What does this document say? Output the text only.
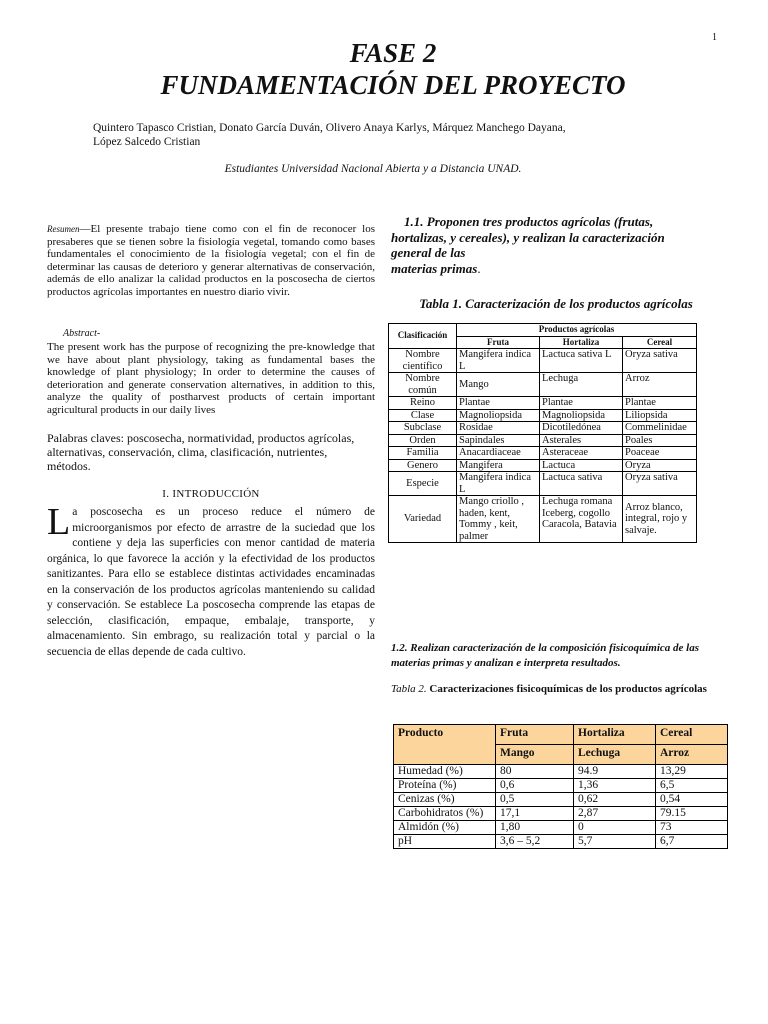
1
FASE 2
FUNDAMENTACIÓN DEL PROYECTO
Quintero Tapasco Cristian, Donato García Duván, Olivero Anaya Karlys, Márquez Manchego Dayana,
López Salcedo Cristian
Estudiantes Universidad Nacional Abierta y a Distancia UNAD.
Resumen—El presente trabajo tiene como con el fin de reconocer los presaberes que se tienen sobre la fisiología vegetal, tomando como bases fundamentales el conocimiento de la fisiología vegetal; con el fin de determinar las causas de deterioro y generar alternativas de conservación, además de ello analizar la calidad productos en la poscosecha de ciertos productos agrícolas importantes en nuestro diario vivir.
Abstract-
The present work has the purpose of recognizing the pre-knowledge that we have about plant physiology, taking as fundamental bases the knowledge of plant physiology; In order to determine the causes of deterioration and generate conservation alternatives, in addition to this, analyze the quality of postharvest products of certain important agricultural products in our daily lives
Palabras claves: poscosecha, normatividad, productos agrícolas, alternativas, conservación, clima, clasificación, nutrientes, métodos.
I. INTRODUCCIÓN
La poscosecha es un proceso reduce el número de microorganismos por efecto de arrastre de la suciedad que los contiene y deja las superficies con menor cantidad de materia orgánica, lo que favorece la acción y la efectividad de los productos sanitizantes. Para ello se establece distintas actividades encaminadas en la conservación de los productos agrícolas manteniendo su calidad y conservación. Se establece La poscosecha comprende las etapas de selección, clasificación, empaque, embalaje, transporte, y almacenamiento. Sin embrago, su realización total y parcial o la secuencia de ellas depende de cada cultivo.
1.1. Proponen tres productos agrícolas (frutas,
hortalizas, y cereales), y realizan la caracterización
general de las
materias primas.
Tabla 1. Caracterización de los productos agrícolas
Clasificación	Productos agrícolas		
	Fruta	Hortaliza	Cereal
Nombre científico	Mangifera indica L	Lactuca sativa L	Oryza sativa
Nombre común	Mango	Lechuga	Arroz
Reino	Plantae	Plantae	Plantae
Clase	Magnoliopsida	Magnoliopsida	Liliopsida
Subclase	Rosidae	Dicotiledónea	Commelinidae
Orden	Sapindales	Asterales	Poales
Familia	Anacardiaceae	Asteraceae	Poaceae
Genero	Mangifera	Lactuca	Oryza
Especie	Mangifera indica L	Lactuca sativa	Oryza sativa
Variedad	Mango criollo , haden, kent, Tommy , keit, palmer	Lechuga romana Iceberg, cogollo Caracola, Batavia	Arroz blanco, integral, rojo y salvaje.
1.2. Realizan caracterización de la composición fisicoquímica de las materias primas y analizan e interpreta resultados.
Tabla 2. Caracterizaciones fisicoquímicas de los productos agrícolas
Producto	Fruta	Hortaliza	Cereal
	Mango	Lechuga	Arroz
Humedad (%)	80	94.9	13,29
Proteína (%)	0,6	1,36	6,5
Cenizas (%)	0,5	0,62	0,54
Carbohidratos (%)	17,1	2,87	79.15
Almidón (%)	1,80	0	73
pH	3,6 – 5,2	5,7	6,7
